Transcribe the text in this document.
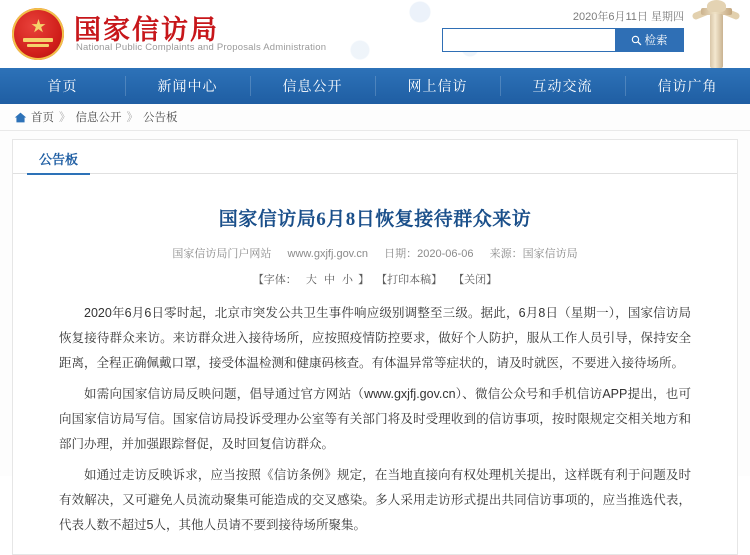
★ 国家信访局
National Public Complaints and Proposals Administration
2020年6月11日 星期四
检索
首页	新闻中心	信息公开	网上信访	互动交流	信访广角
首页 》 信息公开 》 公告板
公告板
国家信访局6月8日恢复接待群众来访
国家信访局门户网站 www.gxjfj.gov.cn 日期：2020-06-06 来源：国家信访局
【字体： 大 中 小 】 【打印本稿】 【关闭】

2020年6月6日零时起，北京市突发公共卫生事件响应级别调整至三级。据此，6月8日（星期一），国家信访局恢复接待群众来访。来访群众进入接待场所，应按照疫情防控要求，做好个人防护，服从工作人员引导，保持安全距离，全程正确佩戴口罩，接受体温检测和健康码核查。有体温异常等症状的，请及时就医，不要进入接待场所。

如需向国家信访局反映问题，倡导通过官方网站（www.gxjfj.gov.cn）、微信公众号和手机信访APP提出，也可向国家信访局写信。国家信访局投诉受理办公室等有关部门将及时受理收到的信访事项，按时限规定交相关地方和部门办理，并加强跟踪督促，及时回复信访群众。

如通过走访反映诉求，应当按照《信访条例》规定，在当地直接向有权处理机关提出，这样既有利于问题及时有效解决，又可避免人员流动聚集可能造成的交叉感染。多人采用走访形式提出共同信访事项的，应当推选代表，代表人数不超过5人，其他人员请不要到接待场所聚集。
